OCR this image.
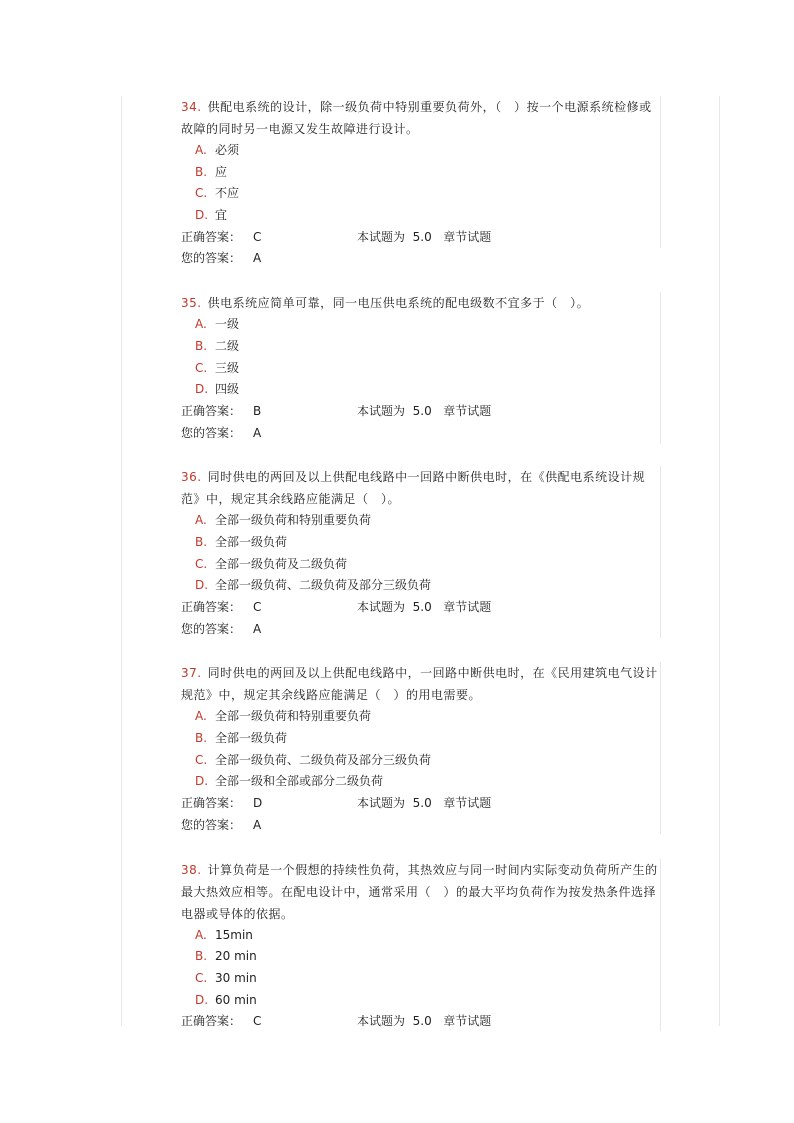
34. 供配电系统的设计，除一级负荷中特别重要负荷外，（　）按一个电源系统检修或故障的同时另一电源又发生故障进行设计。
A. 必须
B. 应
C. 不应
D. 宜
正确答案： C	本试题为 5.0 章节试题
您的答案： A
35. 供电系统应简单可靠，同一电压供电系统的配电级数不宜多于（　）。
A. 一级
B. 二级
C. 三级
D. 四级
正确答案： B	本试题为 5.0 章节试题
您的答案： A
36. 同时供电的两回及以上供配电线路中一回路中断供电时，在《供配电系统设计规范》中，规定其余线路应能满足（　）。
A. 全部一级负荷和特别重要负荷
B. 全部一级负荷
C. 全部一级负荷及二级负荷
D. 全部一级负荷、二级负荷及部分三级负荷
正确答案： C	本试题为 5.0 章节试题
您的答案： A
37. 同时供电的两回及以上供配电线路中，一回路中断供电时，在《民用建筑电气设计规范》中，规定其余线路应能满足（　）的用电需要。
A. 全部一级负荷和特别重要负荷
B. 全部一级负荷
C. 全部一级负荷、二级负荷及部分三级负荷
D. 全部一级和全部或部分二级负荷
正确答案： D	本试题为 5.0 章节试题
您的答案： A
38. 计算负荷是一个假想的持续性负荷，其热效应与同一时间内实际变动负荷所产生的最大热效应相等。在配电设计中，通常采用（　）的最大平均负荷作为按发热条件选择电器或导体的依据。
A. 15min
B. 20 min
C. 30 min
D. 60 min
正确答案： C	本试题为 5.0 章节试题
